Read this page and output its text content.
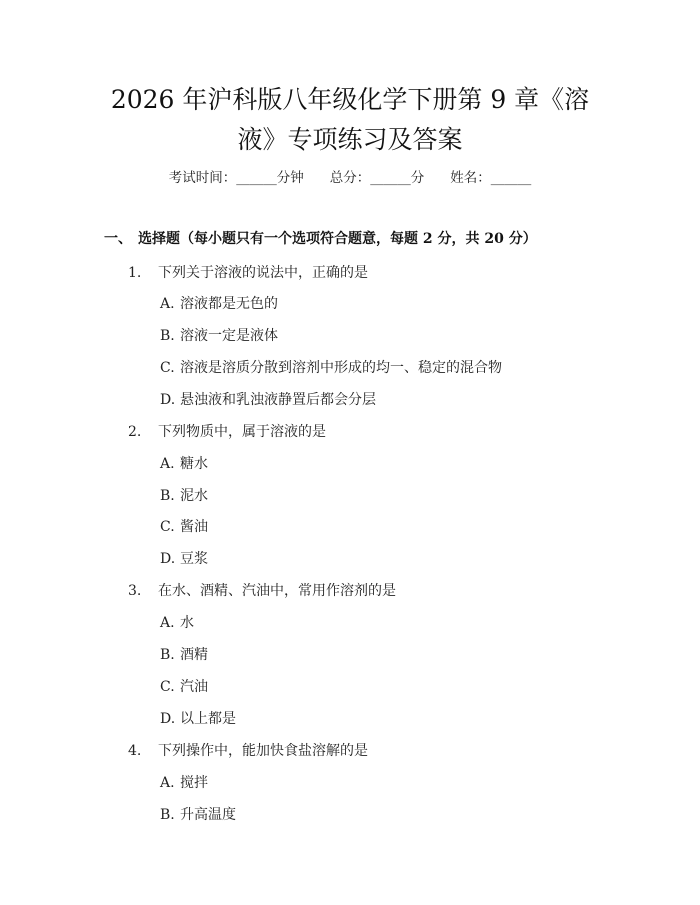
2026 年沪科版八年级化学下册第 9 章《溶
液》专项练习及答案
考试时间：______分钟 总分：______分 姓名：______
一、 选择题（每小题只有一个选项符合题意，每题 2 分，共 20 分）
1. 下列关于溶液的说法中，正确的是
A. 溶液都是无色的
B. 溶液一定是液体
C. 溶液是溶质分散到溶剂中形成的均一、稳定的混合物
D. 悬浊液和乳浊液静置后都会分层
2. 下列物质中，属于溶液的是
A. 糖水
B. 泥水
C. 酱油
D. 豆浆
3. 在水、酒精、汽油中，常用作溶剂的是
A. 水
B. 酒精
C. 汽油
D. 以上都是
4. 下列操作中，能加快食盐溶解的是
A. 搅拌
B. 升高温度
